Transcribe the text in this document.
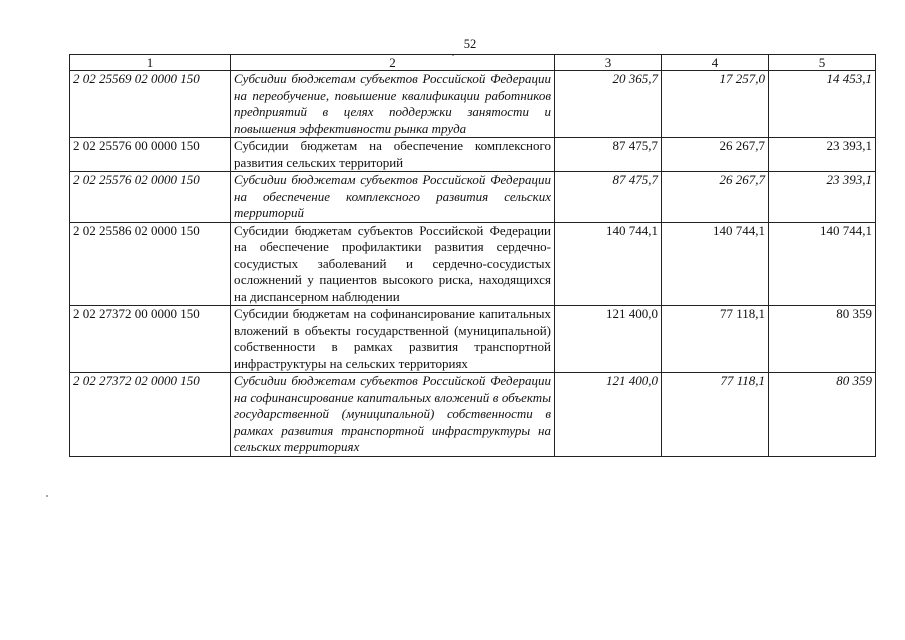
52
1	2	3	4	5
2 02 25569 02 0000 150	Субсидии бюджетам субъектов Российской Федерации на переобучение, повышение квалификации работников предприятий в целях поддержки занятости и повышения эффективности рынка труда	20 365,7	17 257,0	14 453,1
2 02 25576 00 0000 150	Субсидии бюджетам на обеспечение комплексного развития сельских территорий	87 475,7	26 267,7	23 393,1
2 02 25576 02 0000 150	Субсидии бюджетам субъектов Российской Федерации на обеспечение комплексного развития сельских территорий	87 475,7	26 267,7	23 393,1
2 02 25586 02 0000 150	Субсидии бюджетам субъектов Российской Федерации на обеспечение профилактики развития сердечно-сосудистых заболеваний и сердечно-сосудистых осложнений у пациентов высокого риска, находящихся на диспансерном наблюдении	140 744,1	140 744,1	140 744,1
2 02 27372 00 0000 150	Субсидии бюджетам на софинансирование капитальных вложений в объекты государственной (муниципальной) собственности в рамках развития транспортной инфраструктуры на сельских территориях	121 400,0	77 118,1	80 359
2 02 27372 02 0000 150	Субсидии бюджетам субъектов Российской Федерации на софинансирование капитальных вложений в объекты государственной (муниципальной) собственности в рамках развития транспортной инфраструктуры на сельских территориях	121 400,0	77 118,1	80 359
